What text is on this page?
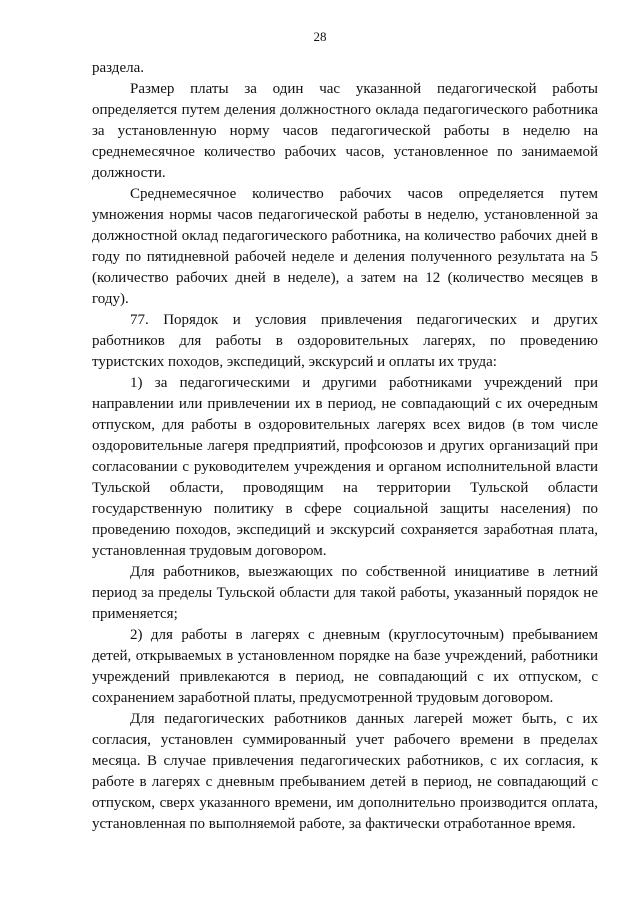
28

раздела.

Размер платы за один час указанной педагогической работы определяется путем деления должностного оклада педагогического работника за установленную норму часов педагогической работы в неделю на среднемесячное количество рабочих часов, установленное по занимаемой должности.

Среднемесячное количество рабочих часов определяется путем умножения нормы часов педагогической работы в неделю, установленной за должностной оклад педагогического работника, на количество рабочих дней в году по пятидневной рабочей неделе и деления полученного результата на 5 (количество рабочих дней в неделе), а затем на 12 (количество месяцев в году).

77. Порядок и условия привлечения педагогических и других работников для работы в оздоровительных лагерях, по проведению туристских походов, экспедиций, экскурсий и оплаты их труда:

1) за педагогическими и другими работниками учреждений при направлении или привлечении их в период, не совпадающий с их очередным отпуском, для работы в оздоровительных лагерях всех видов (в том числе оздоровительные лагеря предприятий, профсоюзов и других организаций при согласовании с руководителем учреждения и органом исполнительной власти Тульской области, проводящим на территории Тульской области государственную политику в сфере социальной защиты населения) по проведению походов, экспедиций и экскурсий сохраняется заработная плата, установленная трудовым договором.

Для работников, выезжающих по собственной инициативе в летний период за пределы Тульской области для такой работы, указанный порядок не применяется;

2) для работы в лагерях с дневным (круглосуточным) пребыванием детей, открываемых в установленном порядке на базе учреждений, работники учреждений привлекаются в период, не совпадающий с их отпуском, с сохранением заработной платы, предусмотренной трудовым договором.

Для педагогических работников данных лагерей может быть, с их согласия, установлен суммированный учет рабочего времени в пределах месяца. В случае привлечения педагогических работников, с их согласия, к работе в лагерях с дневным пребыванием детей в период, не совпадающий с отпуском, сверх указанного времени, им дополнительно производится оплата, установленная по выполняемой работе, за фактически отработанное время.
